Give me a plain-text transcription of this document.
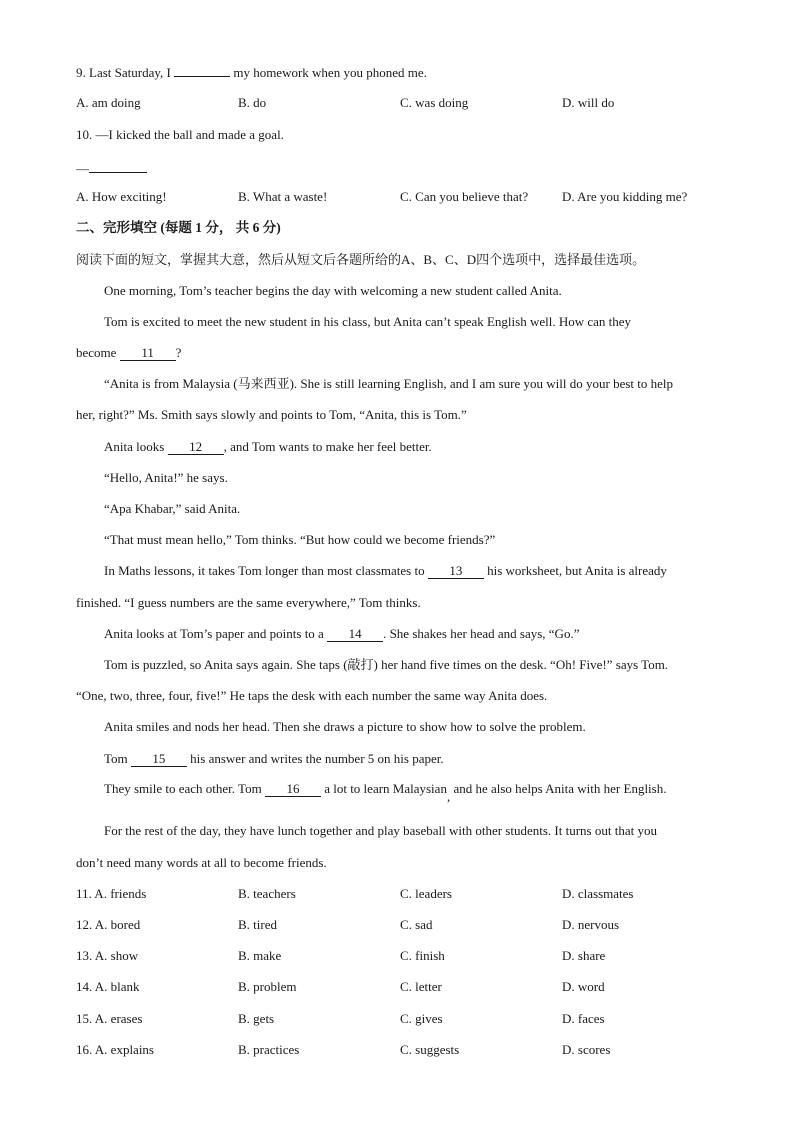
9. Last Saturday, I	my homework when you phoned me.
A. am doing	B. do	C. was doing	D. will do
10. —I kicked the ball and made a goal.
—
A. How exciting!	B. What a waste!	C. Can you believe that?	D. Are you kidding me?
二、完形填空 (每题 1 分， 共 6 分)
阅读下面的短文，掌握其大意，然后从短文后各题所给的A、B、C、D四个选项中，选择最佳选项。
One morning, Tom’s teacher begins the day with welcoming a new student called Anita.
Tom is excited to meet the new student in his class, but Anita can’t speak English well. How can they
become 11 ?
“Anita is from Malaysia (马来西亚). She is still learning English, and I am sure you will do your best to help
her, right?” Ms. Smith says slowly and points to Tom, “Anita, this is Tom.”
Anita looks 12 , and Tom wants to make her feel better.
“Hello, Anita!” he says.
“Apa Khabar,” said Anita.
“That must mean hello,” Tom thinks. “But how could we become friends?”
In Maths lessons, it takes Tom longer than most classmates to 13 his worksheet, but Anita is already
finished. “I guess numbers are the same everywhere,” Tom thinks.
Anita looks at Tom’s paper and points to a 14 . She shakes her head and says, “Go.”
Tom is puzzled, so Anita says again. She taps (敲打) her hand five times on the desk. “Oh! Five!” says Tom.
“One, two, three, four, five!” He taps the desk with each number the same way Anita does.
Anita smiles and nods her head. Then she draws a picture to show how to solve the problem.
Tom 15 his answer and writes the number 5 on his paper.
They smile to each other. Tom 16 a lot to learn Malaysian, and he also helps Anita with her English.
For the rest of the day, they have lunch together and play baseball with other students. It turns out that you
don’t need many words at all to become friends.
11. A. friends	B. teachers	C. leaders	D. classmates
12. A. bored	B. tired	C. sad	D. nervous
13. A. show	B. make	C. finish	D. share
14. A. blank	B. problem	C. letter	D. word
15. A. erases	B. gets	C. gives	D. faces
16. A. explains	B. practices	C. suggests	D. scores
